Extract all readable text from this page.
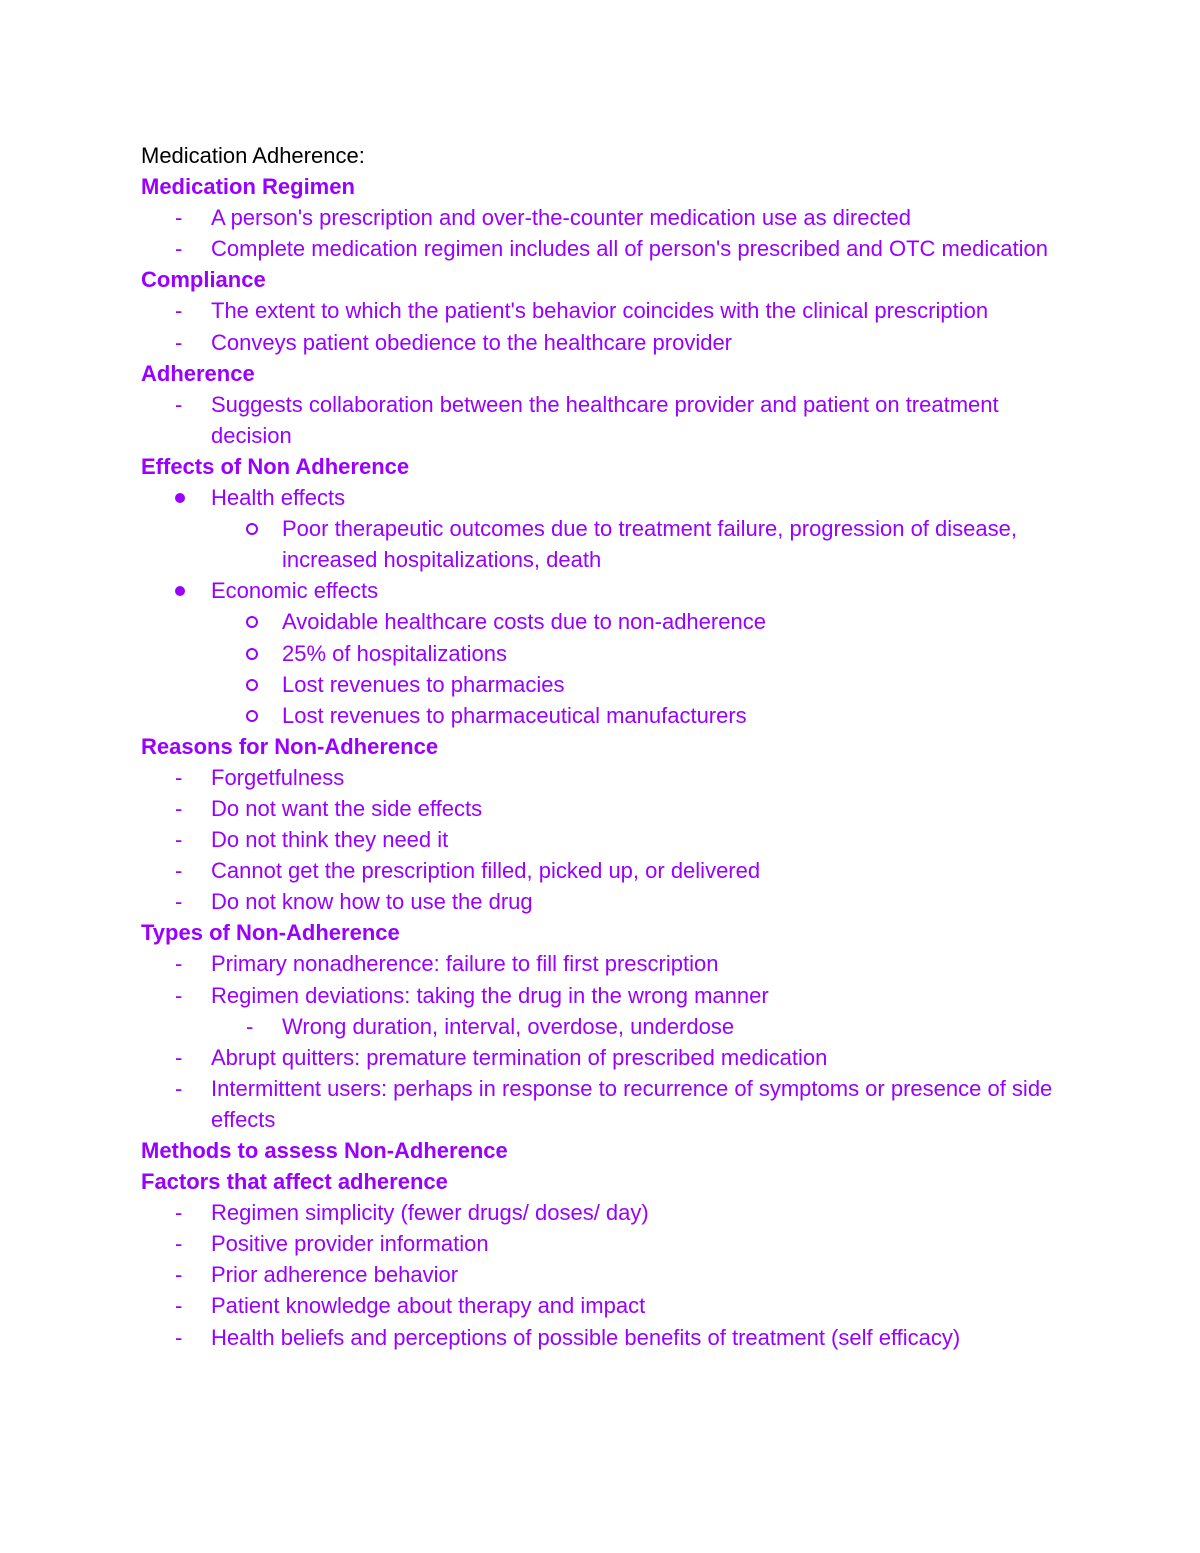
Medication Adherence:
Medication Regimen
- A person's prescription and over-the-counter medication use as directed
- Complete medication regimen includes all of person's prescribed and OTC medication
Compliance
- The extent to which the patient's behavior coincides with the clinical prescription
- Conveys patient obedience to the healthcare provider
Adherence
- Suggests collaboration between the healthcare provider and patient on treatment decision
Effects of Non Adherence
Health effects
Poor therapeutic outcomes due to treatment failure, progression of disease, increased hospitalizations, death
Economic effects
Avoidable healthcare costs due to non-adherence
25% of hospitalizations
Lost revenues to pharmacies
Lost revenues to pharmaceutical manufacturers
Reasons for Non-Adherence
- Forgetfulness
- Do not want the side effects
- Do not think they need it
- Cannot get the prescription filled, picked up, or delivered
- Do not know how to use the drug
Types of Non-Adherence
- Primary nonadherence: failure to fill first prescription
- Regimen deviations: taking the drug in the wrong manner
- Wrong duration, interval, overdose, underdose
- Abrupt quitters: premature termination of prescribed medication
- Intermittent users: perhaps in response to recurrence of symptoms or presence of side effects
Methods to assess Non-Adherence
Factors that affect adherence
- Regimen simplicity (fewer drugs/ doses/ day)
- Positive provider information
- Prior adherence behavior
- Patient knowledge about therapy and impact
- Health beliefs and perceptions of possible benefits of treatment (self efficacy)
